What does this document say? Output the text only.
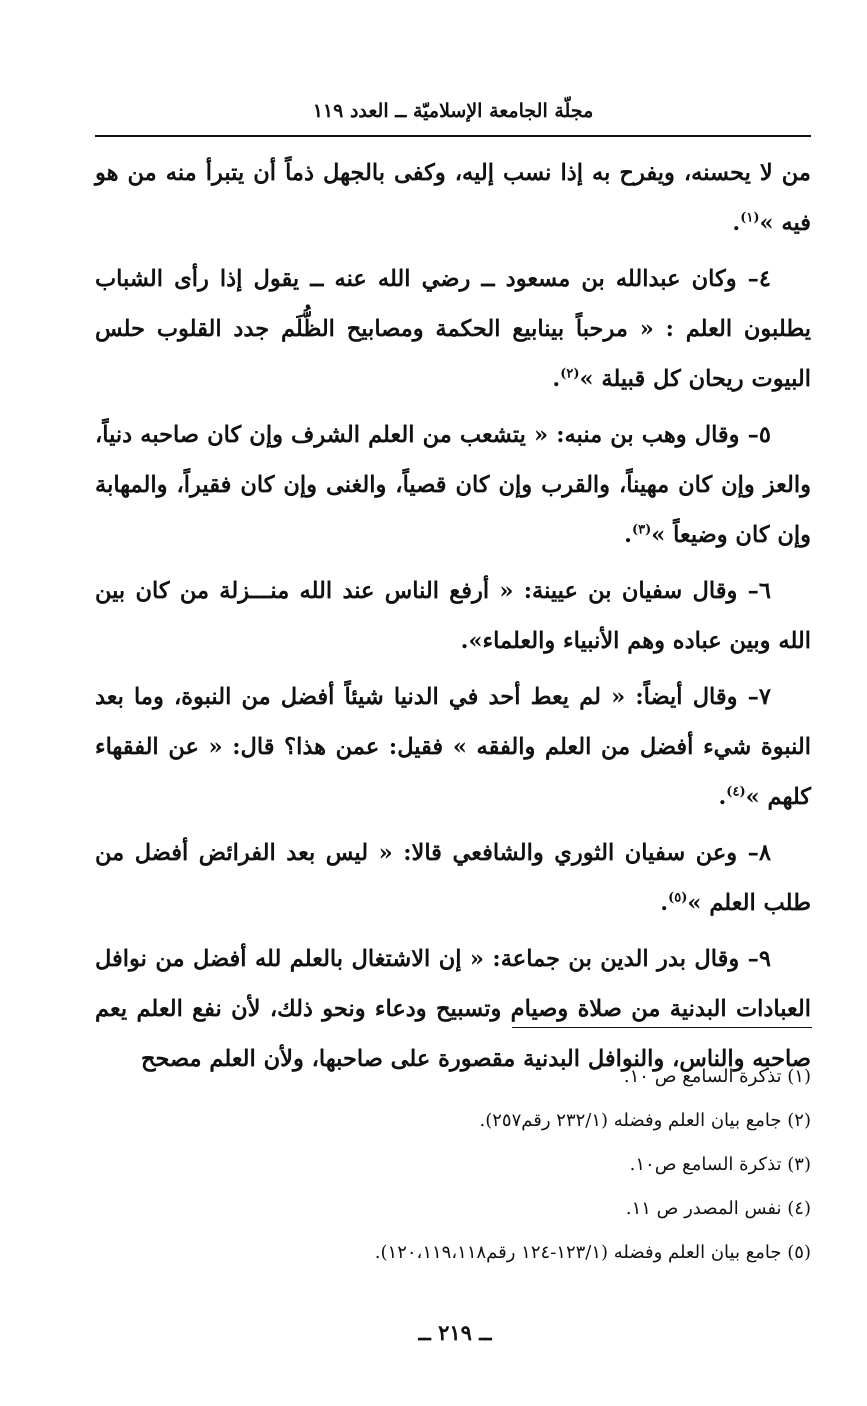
مجلّة الجامعة الإسلاميّة ــ العدد ١١٩

من لا يحسنه، ويفرح به إذا نسب إليه، وكفى بالجهل ذماً أن يتبرأ منه من هو فيه »$^{(١)}$.

٤– وكان عبدالله بن مسعود ــ رضي الله عنه ــ يقول إذا رأى الشباب يطلبون العلم : « مرحباً بينابيع الحكمة ومصابيح الظُّلَم جدد القلوب حلس البيوت ريحان كل قبيلة »$^{(٢)}$.

٥– وقال وهب بن منبه: « يتشعب من العلم الشرف وإن كان صاحبه دنياً، والعز وإن كان مهيناً، والقرب وإن كان قصياً، والغنى وإن كان فقيراً، والمهابة وإن كان وضيعاً »$^{(٣)}$.

٦– وقال سفيان بن عيينة: « أرفع الناس عند الله منـــزلة من كان بين الله وبين عباده وهم الأنبياء والعلماء».

٧– وقال أيضاً: « لم يعط أحد في الدنيا شيئاً أفضل من النبوة، وما بعد النبوة شيء أفضل من العلم والفقه » فقيل: عمن هذا؟ قال: « عن الفقهاء كلهم »$^{(٤)}$.

٨– وعن سفيان الثوري والشافعي قالا: « ليس بعد الفرائض أفضل من طلب العلم »$^{(٥)}$.

٩– وقال بدر الدين بن جماعة: « إن الاشتغال بالعلم لله أفضل من نوافل العبادات البدنية من صلاة وصيام وتسبيح ودعاء ونحو ذلك، لأن نفع العلم يعم صاحبه والناس، والنوافل البدنية مقصورة على صاحبها، ولأن العلم مصحح

(١) تذكرة السامع ص ١٠.
(٢) جامع بيان العلم وفضله (٢٣٢/١ رقم٢٥٧).
(٣) تذكرة السامع ص١٠.
(٤) نفس المصدر ص ١١.
(٥) جامع بيان العلم وفضله (١٢٣/١-١٢٤ رقم١٢٠،١١٩،١١٨).
ــ ٢١٩ ــ
